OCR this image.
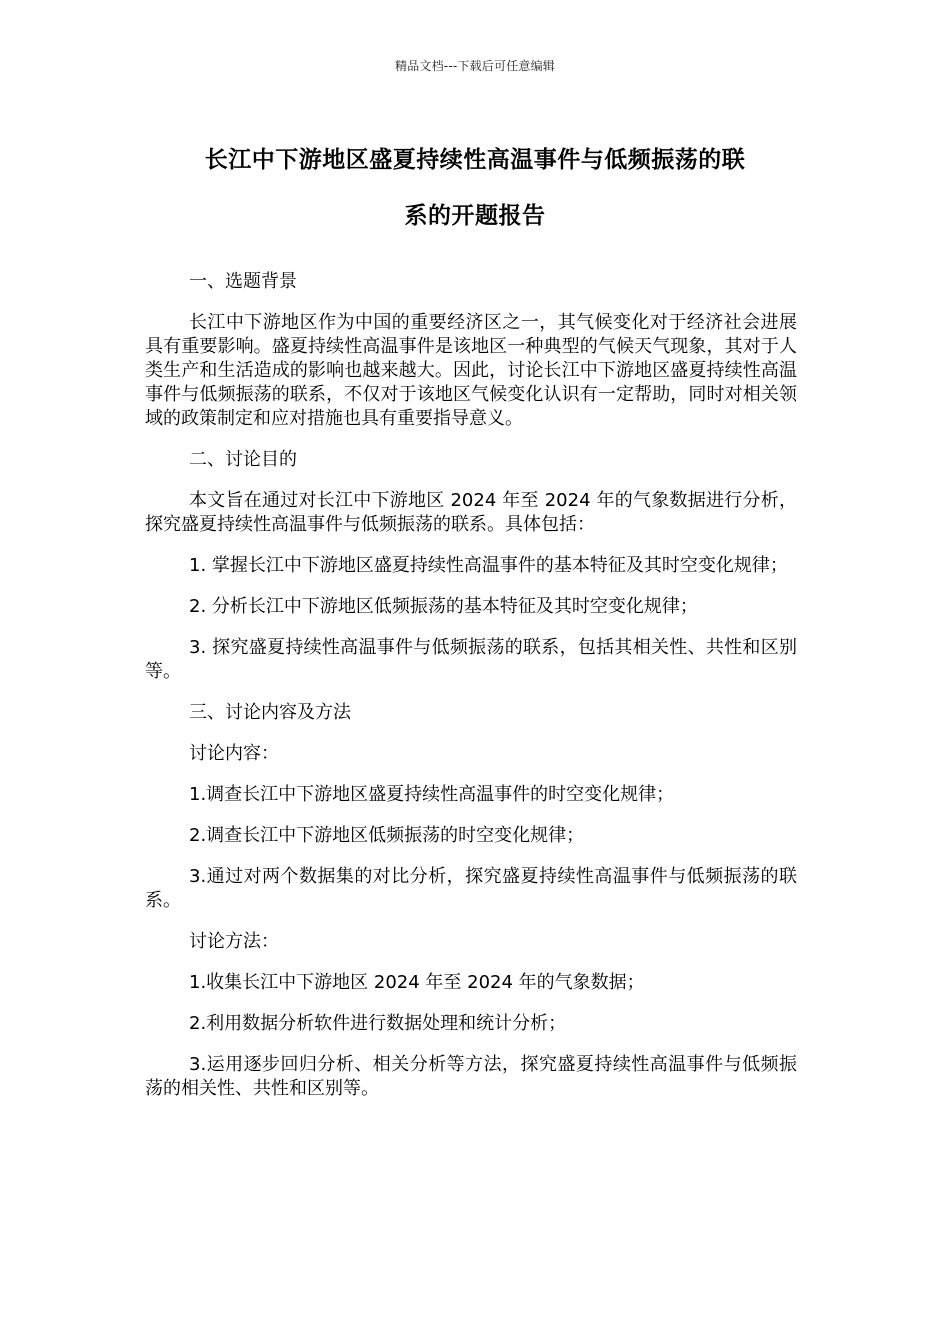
精品文档---下载后可任意编辑
长江中下游地区盛夏持续性高温事件与低频振荡的联
系的开题报告

一、选题背景

长江中下游地区作为中国的重要经济区之一，其气候变化对于经济社会进展具有重要影响。盛夏持续性高温事件是该地区一种典型的气候天气现象，其对于人类生产和生活造成的影响也越来越大。因此，讨论长江中下游地区盛夏持续性高温事件与低频振荡的联系，不仅对于该地区气候变化认识有一定帮助，同时对相关领域的政策制定和应对措施也具有重要指导意义。

二、讨论目的

本文旨在通过对长江中下游地区 2024 年至 2024 年的气象数据进行分析，探究盛夏持续性高温事件与低频振荡的联系。具体包括：

1. 掌握长江中下游地区盛夏持续性高温事件的基本特征及其时空变化规律；

2. 分析长江中下游地区低频振荡的基本特征及其时空变化规律；

3. 探究盛夏持续性高温事件与低频振荡的联系，包括其相关性、共性和区别等。

三、讨论内容及方法

讨论内容：

1.调查长江中下游地区盛夏持续性高温事件的时空变化规律；

2.调查长江中下游地区低频振荡的时空变化规律；

3.通过对两个数据集的对比分析，探究盛夏持续性高温事件与低频振荡的联系。

讨论方法：

1.收集长江中下游地区 2024 年至 2024 年的气象数据；

2.利用数据分析软件进行数据处理和统计分析；

3.运用逐步回归分析、相关分析等方法，探究盛夏持续性高温事件与低频振荡的相关性、共性和区别等。
